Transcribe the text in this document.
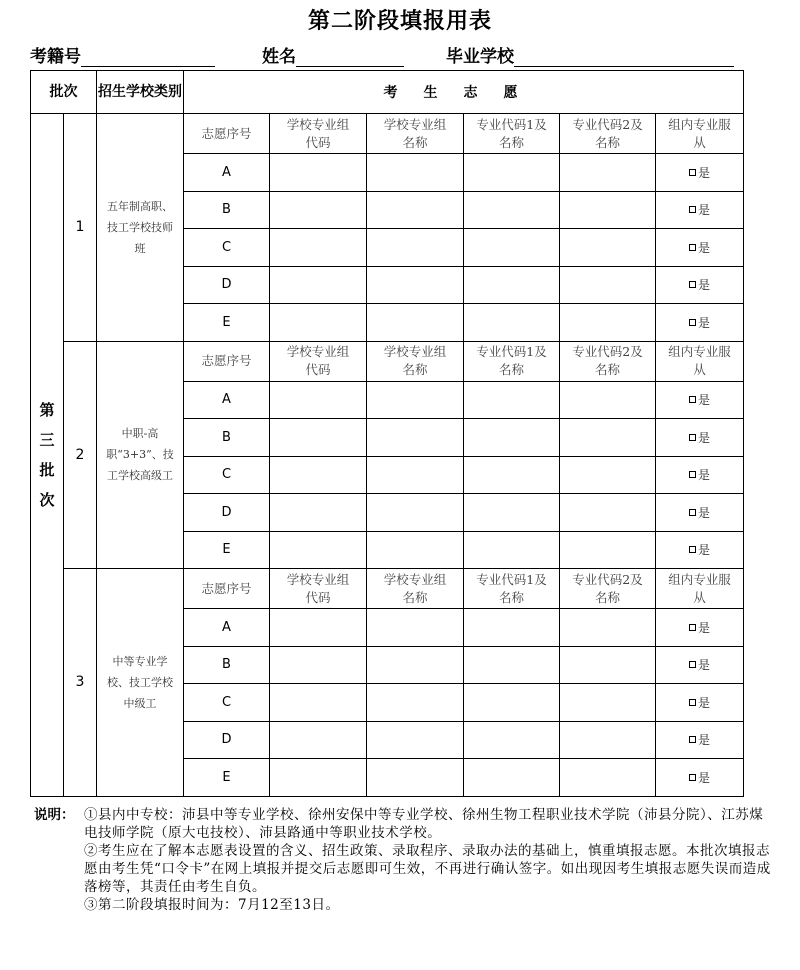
第二阶段填报用表
考籍号	姓名	毕业学校
批次		招生学校类别	考生志愿					

第三批次	1	五年制高职、技工学校技师班	志愿序号	学校专业组代码	学校专业组名称	专业代码1及名称	专业代码2及名称	组内专业服从
			A					是
			B					是
			C					是
			D					是
			E					是
	2	中职-高职“3+3”、技工学校高级工	志愿序号	学校专业组代码	学校专业组名称	专业代码1及名称	专业代码2及名称	组内专业服从
			A					是
			B					是
			C					是
			D					是
			E					是
	3	中等专业学校、技工学校中级工	志愿序号	学校专业组代码	学校专业组名称	专业代码1及名称	专业代码2及名称	组内专业服从
			A					是
			B					是
			C					是
			D					是
			E					是
说明： ①县内中专校：沛县中等专业学校、徐州安保中等专业学校、徐州生物工程职业技术学院（沛县分院）、江苏煤电技师学院（原大屯技校）、沛县路通中等职业技术学校。

②考生应在了解本志愿表设置的含义、招生政策、录取程序、录取办法的基础上，慎重填报志愿。本批次填报志愿由考生凭“口令卡”在网上填报并提交后志愿即可生效，不再进行确认签字。如出现因考生填报志愿失误而造成落榜等，其责任由考生自负。

③第二阶段填报时间为：7月12至13日。
